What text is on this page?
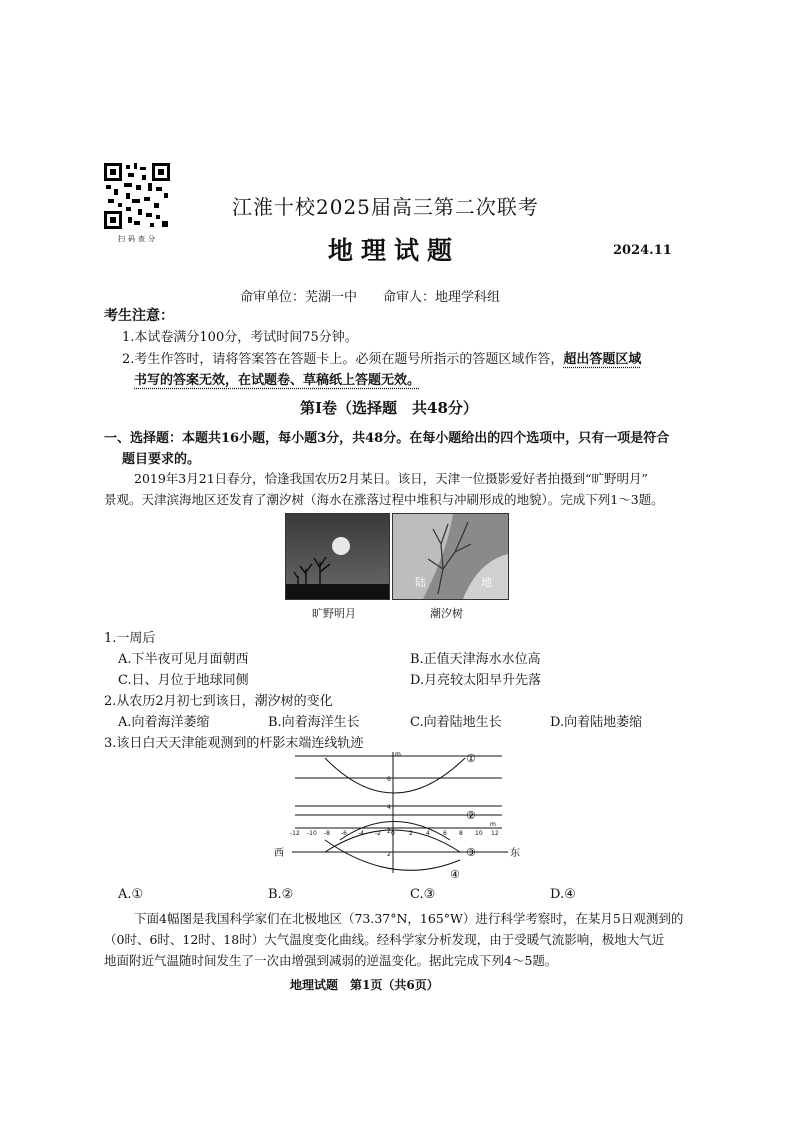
扫码查分
江淮十校2025届高三第二次联考
地理试题	2024.11
命审单位：芜湖一中　　命审人：地理学科组
考生注意：
1.本试卷满分100分，考试时间75分钟。
2.考生作答时，请将答案答在答题卡上。必须在题号所指示的答题区域作答，超出答题区域
书写的答案无效，在试题卷、草稿纸上答题无效。
第Ⅰ卷（选择题　共48分）
一、选择题：本题共16小题，每小题3分，共48分。在每小题给出的四个选项中，只有一项是符合
题目要求的。
2019年3月21日春分，恰逢我国农历2月某日。该日，天津一位摄影爱好者拍摄到“旷野明月”
景观。天津滨海地区还发育了潮汐树（海水在涨落过程中堆积与冲刷形成的地貌）。完成下列1～3题。
旷野明月
陆	地
潮汐树
1.一周后
A.下半夜可见月面朝西	B.正值天津海水水位高
C.日、月位于地球同侧	D.月亮较太阳早升先落
2.从农历2月初七到该日，潮汐树的变化
A.向着海洋萎缩	B.向着海洋生长	C.向着陆地生长	D.向着陆地萎缩
3.该日白天天津能观测到的杆影末端连线轨迹
m
m
6
4
2
2
-12 -10 -8 -6 -4 -2 0 2 4 6 8 10 12
西	东
①
②
③
④
A.①	B.②	C.③	D.④
下面4幅图是我国科学家们在北极地区（73.37°N，165°W）进行科学考察时，在某月5日观测到的
（0时、6时、12时、18时）大气温度变化曲线。经科学家分析发现，由于受暖气流影响，极地大气近
地面附近气温随时间发生了一次由增强到减弱的逆温变化。据此完成下列4～5题。
地理试题　第1页（共6页）
